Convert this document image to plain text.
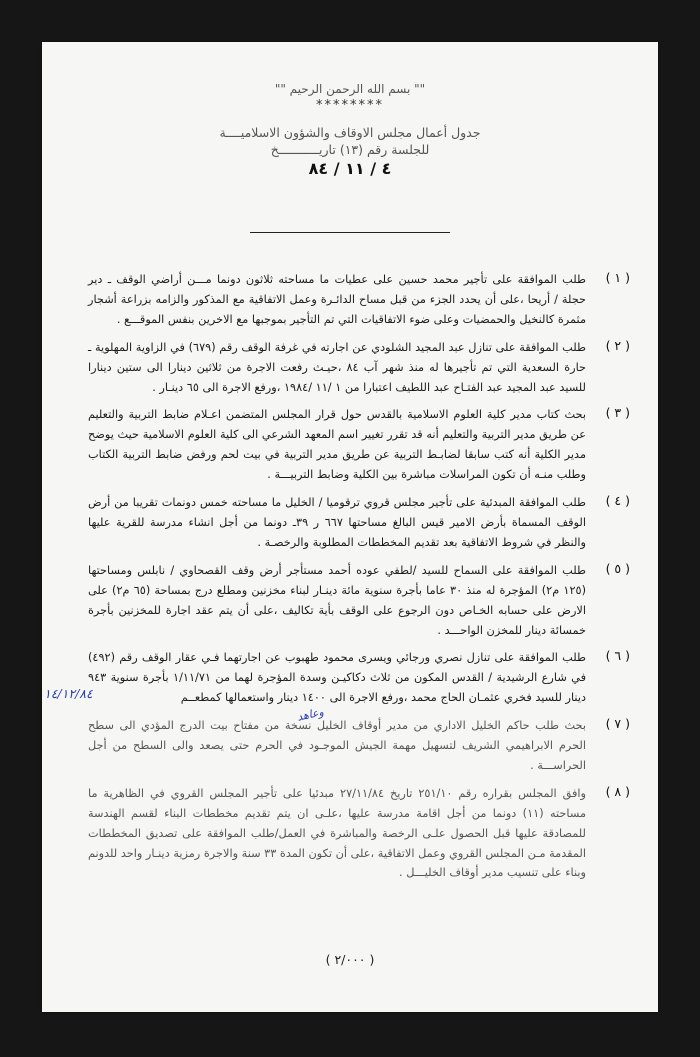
"" بسم الله الرحمن الرحيم ""
********
جدول أعمال مجلس الاوقاف والشؤون الاسلاميــــة
للجلسة رقم (١٣) تاريـــــــــــخ
٤ / ١١ / ٨٤
( ١ )
طلب الموافقة على تأجير محمد حسين على عطيات ما مساحته ثلاثون دونما مـــن أراضي الوقف ـ دير حجلة / أريحا ،على أن يحدد الجزء من قبل مساح الدائـرة وعمل الاتفاقية مع المذكور والزامه بزراعة أشجار مثمرة كالنخيل والحمضيات وعلى ضوء الاتفاقيات التي تم التأجير بموجبها مع الاخرين بنفس الموقـــع .
( ٢ )
طلب الموافقة على تنازل عبد المجيد الشلودي عن اجارته في غرفة الوقف رقم (٦٧٩) في الزاوية المهلوية ـ حارة السعدية التي تم تأجيرها له منذ شهر آب ٨٤ ،حيـث رفعت الاجرة من ثلاثين دينارا الى ستين دينارا للسيد عبد المجيد عبد الفتـاح عبد اللطيف اعتبارا من ١ /١١ /١٩٨٤ ،ورفع الاجرة الى ٦٥ دينـار .
( ٣ )
بحث كتاب مدير كلية العلوم الاسلامية بالقدس حول قرار المجلس المتضمن اعـلام ضابط التربية والتعليم عن طريق مدير التربية والتعليم أنه قد تقرر تغيير اسم المعهد الشرعي الى كلية العلوم الاسلامية حيث يوضح مدير الكلية أنه كتب سابقا لضابـط التربية عن طريق مدير التربية في بيت لحم ورفض ضابط التربية الكتاب وطلب منـه أن تكون المراسلات مباشرة بين الكلية وضابط التربيـــة .
( ٤ )
طلب الموافقة المبدئية على تأجير مجلس قروي ترقوميا / الخليل ما مساحته خمس دونمات تقريبا من أرض الوقف المسماة بأرض الامير قيس البالغ مساحتها ٦٦٧ ر ٣٩ـ دونما من أجل انشاء مدرسة للقرية عليها والنظر في شروط الاتفاقية بعد تقديم المخططات المطلوبة والرخصـة .
( ٥ )
طلب الموافقة على السماح للسيد /لطفي عوده أحمد مستأجر أرض وقف القصحاوي / نابلس ومساحتها (١٢٥ م٢) المؤجرة له منذ ٣٠ عاما بأجرة سنوية مائة دينـار لبناء مخزنين ومطلع درج بمساحة (٦٥ م٢) على الارض على حسابه الخـاص دون الرجوع على الوقف بأية تكاليف ،على أن يتم عقد اجارة للمخزنين بأجرة خمسائة دينار للمخزن الواحـــد .
( ٦ )
طلب الموافقة على تنازل نصري ورجائي ويسرى محمود طهبوب عن اجارتهما فـي عقار الوقف رقم (٤٩٢) في شارع الرشيدية / القدس المكون من ثلاث دكاكيـن وسدة المؤجرة لهما من ١/١١/٧١ بأجرة سنوية ٩٤٣ دينار للسيد فخري عثمـان الحاج محمد ،ورفع الاجرة الى ١٤٠٠ دينار واستعمالها كمطعــم
١٤/١٢/٨٤
( ٧ )
بحث طلب حاكم الخليل الاداري من مدير أوقاف الخليل نسخة من مفتاح بيت الدرج المؤدي الى سطح الحرم الابراهيمي الشريف لتسهيل مهمة الجيش الموجـود في الحرم حتى يصعد والى السطح من أجل الحراســـة .
( ٨ )
وافق المجلس بقراره رقم ٢٥١/١٠ تاريخ ٢٧/١١/٨٤ مبدئيا على تأجير المجلس القروي في الظاهرية ما مساحته (١١) دونما من أجل اقامة مدرسة عليها ،علـى ان يتم تقديم مخططات البناء لقسم الهندسة للمصادقة عليها قبل الحصول علـى الرخصة والمباشرة في العمل/طلب الموافقة على تصديق المخططات المقدمة مـن المجلس القروي وعمل الاتفاقية ،على أن تكون المدة ٣٣ سنة والاجرة رمزية دينـار واحد للدونم وبناء على تنسيب مدير أوقاف الخليـــل .
وعاهد
( ٢/٠٠٠ )
